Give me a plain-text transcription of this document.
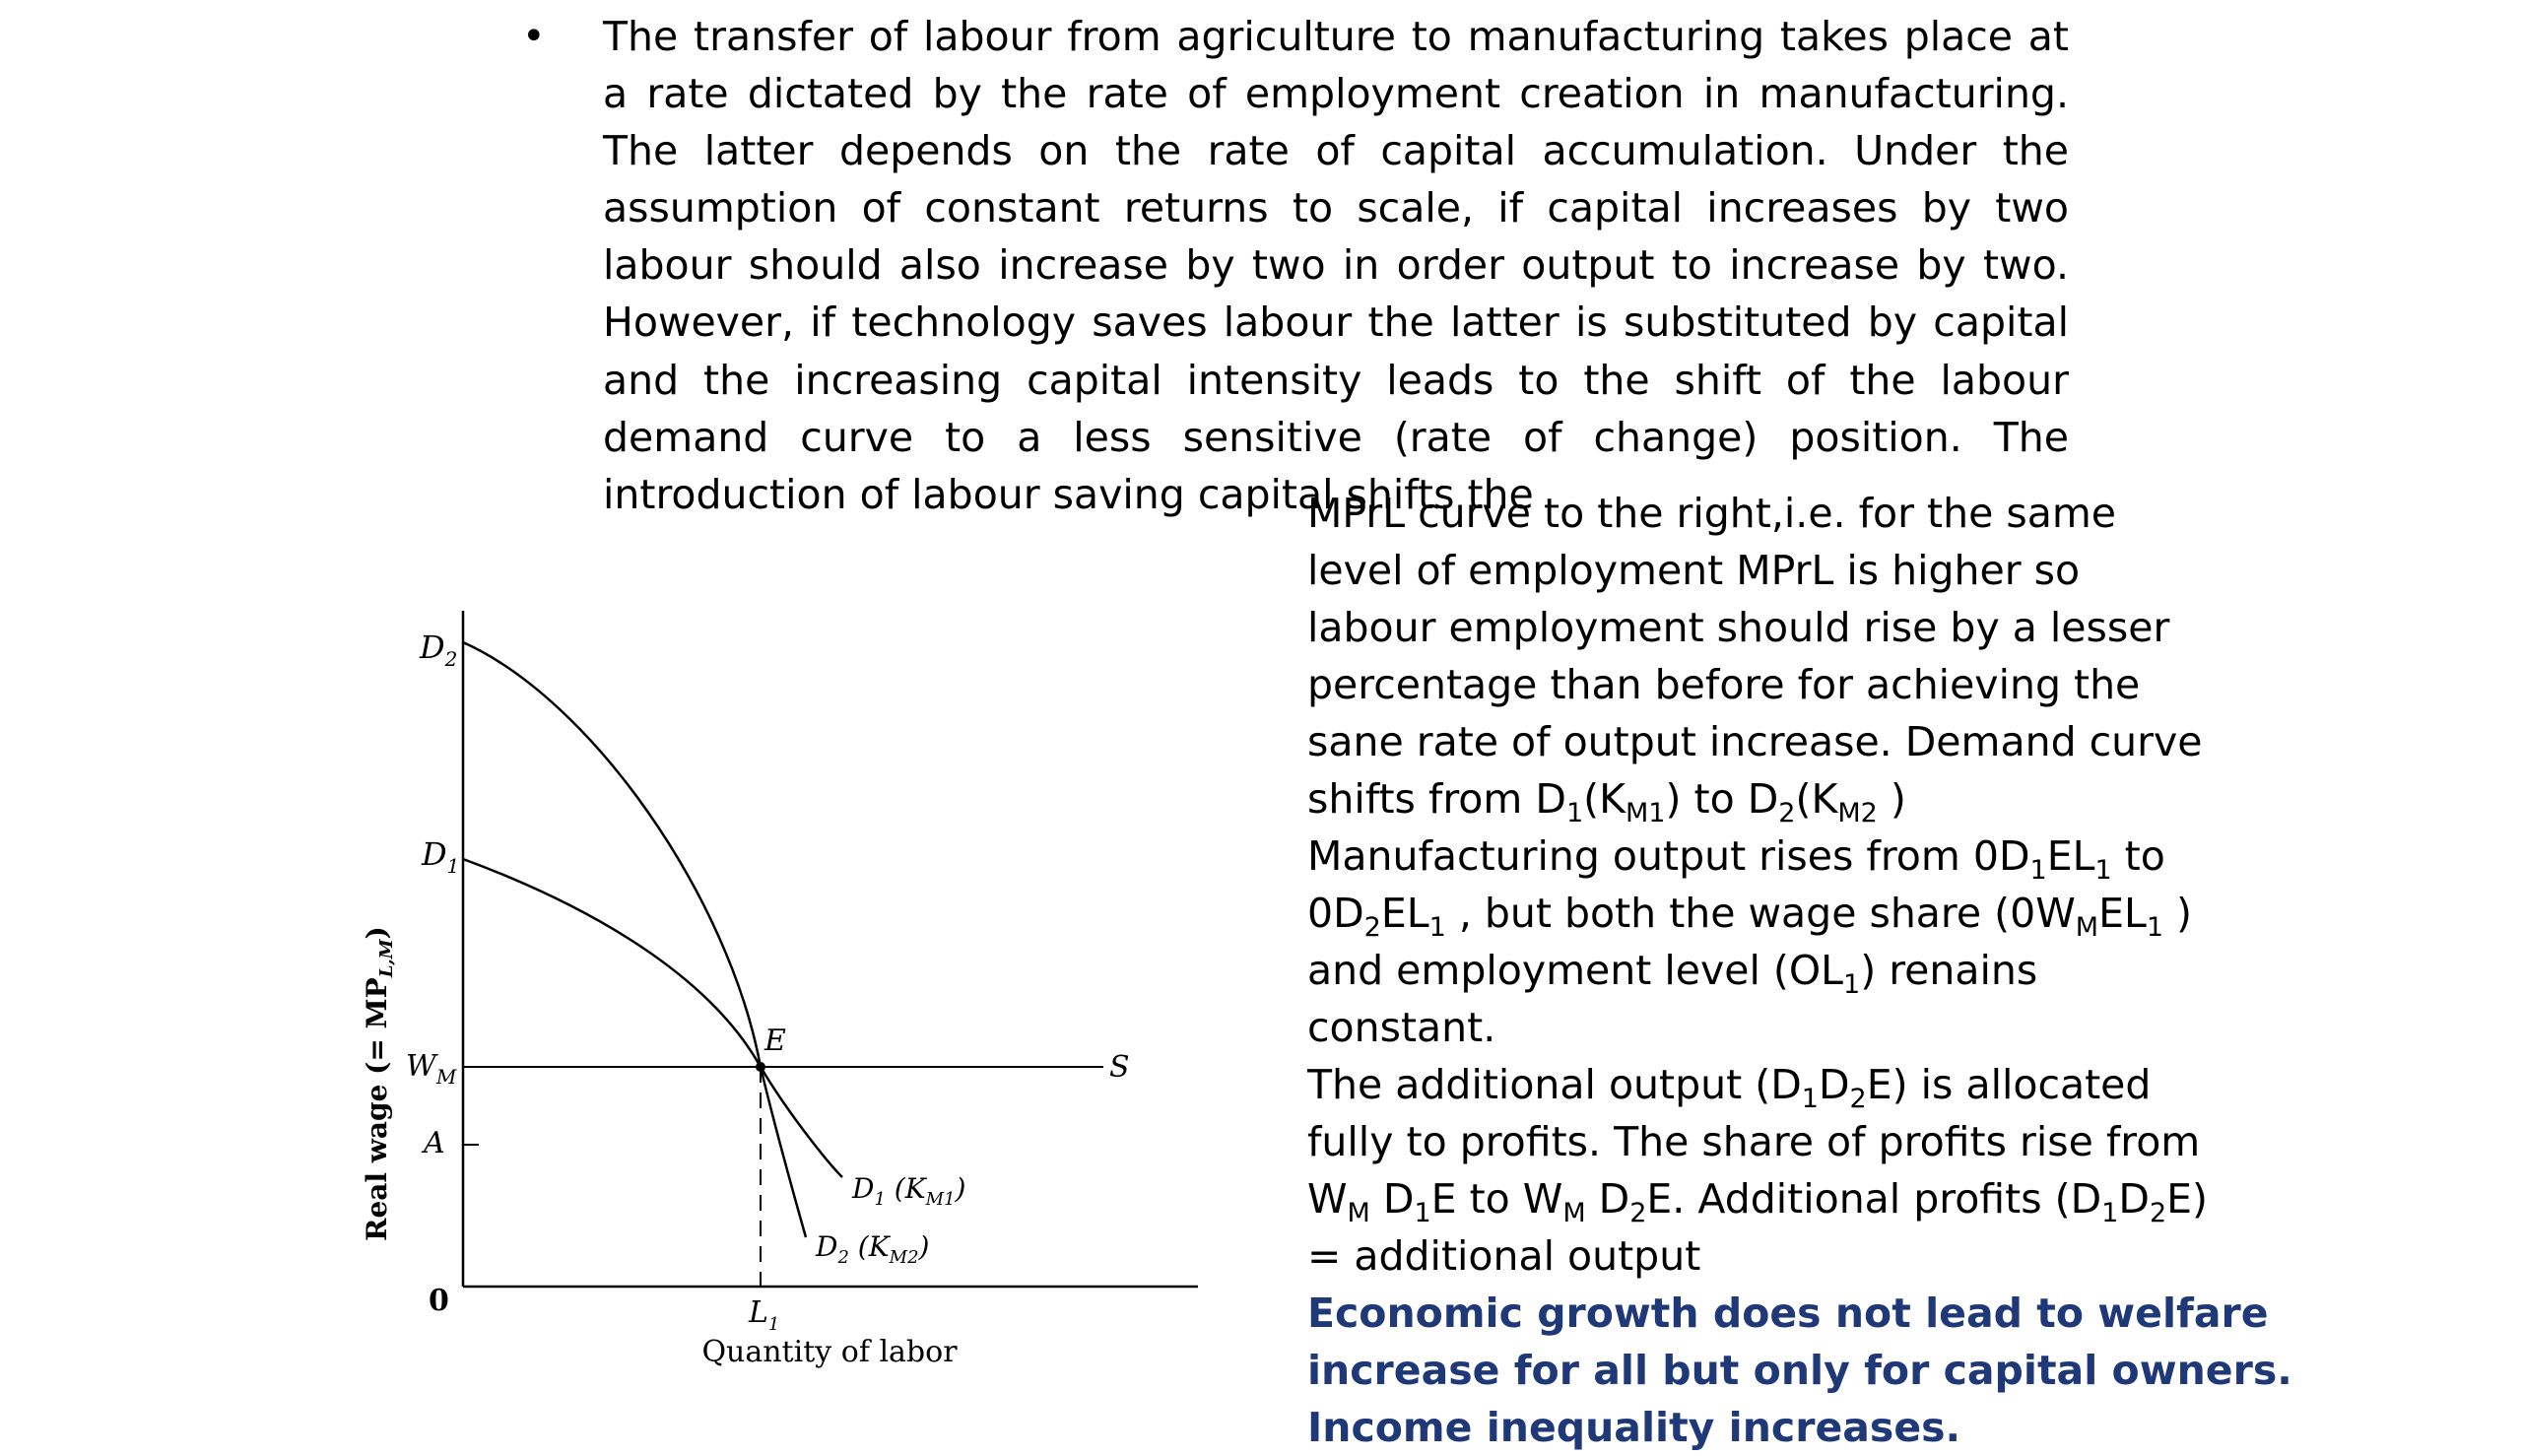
• The transfer of labour from agriculture to manufacturing takes place at a rate dictated by the rate of employment creation in manufacturing. The latter depends on the rate of capital accumulation. Under the assumption of constant returns to scale, if capital increases by two labour should also increase by two in order output to increase by two. However, if technology saves labour the latter is substituted by capital and the increasing capital intensity leads to the shift of the labour demand curve to a less sensitive (rate of change) position. The introduction of labour saving capital shifts the
$D_2$
$D_1$
$W_M$
A
0
E
S
$L_1$
$D_1$ $(K_{M1})$
$D_2$ $(K_{M2})$
Quantity of labor
Real wage (= $MP_{L,M}$)
MPrL curve to the right,i.e. for the same
level of employment MPrL is higher so
labour employment should rise by a lesser
percentage than before for achieving the
sane rate of output increase. Demand curve
shifts from $D_1(K_{M1})$ to $D_2(K_{M2}$ )
Manufacturing output rises from $0D_1EL_1$ to
$0D_2EL_1$ , but both the wage share ($0W_MEL_1$ )
and employment level $(OL_1)$ renains
constant.
The additional output $(D_1D_2E)$ is allocated
fully to profits. The share of profits rise from
$W_M$ $D_1E$ to $W_M$ $D_2E$. Additional profits $(D_1D_2E)$
= additional output
Economic growth does not lead to welfare
increase for all but only for capital owners.
Income inequality increases.
